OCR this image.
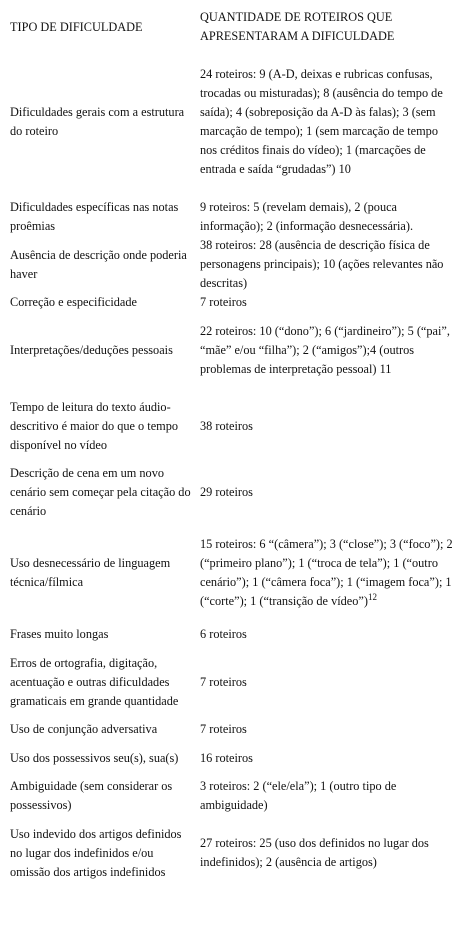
TIPO DE DIFICULDADE	QUANTIDADE DE ROTEIROS QUE APRESENTARAM A DIFICULDADE
Dificuldades gerais com a estrutura do roteiro	24 roteiros: 9 (A-D, deixas e rubricas confusas, trocadas ou misturadas); 8 (ausência do tempo de saída); 4 (sobreposição da A-D às falas); 3 (sem marcação de tempo); 1 (sem marcação de tempo nos créditos finais do vídeo); 1 (marcações de entrada e saída “grudadas”) 10
Dificuldades específicas nas notas proêmias	9 roteiros: 5 (revelam demais), 2 (pouca informação); 2 (informação desnecessária).
Ausência de descrição onde poderia haver	38 roteiros: 28 (ausência de descrição física de personagens principais); 10 (ações relevantes não descritas)
Correção e especificidade	7 roteiros
Interpretações/deduções pessoais	22 roteiros: 10 (“dono”); 6 (“jardineiro”); 5 (“pai”, “mãe” e/ou “filha”); 2 (“amigos”);4 (outros problemas de interpretação pessoal) 11
Tempo de leitura do texto áudio-descritivo é maior do que o tempo disponível no vídeo	38 roteiros
Descrição de cena em um novo cenário sem começar pela citação do cenário	29 roteiros
Uso desnecessário de linguagem técnica/fílmica	15 roteiros: 6 “(câmera”); 3 (“close”); 3 (“foco”); 2 (“primeiro plano”); 1 (“troca de tela”); 1 (“outro cenário”); 1 (“câmera foca”); 1 (“imagem foca”); 1 (“corte”); 1 (“transição de vídeo”)$^{12}$
Frases muito longas	6 roteiros
Erros de ortografia, digitação, acentuação e outras dificuldades gramaticais em grande quantidade	7 roteiros
Uso de conjunção adversativa	7 roteiros
Uso dos possessivos seu(s), sua(s)	16 roteiros
Ambiguidade (sem considerar os possessivos)	3 roteiros: 2 (“ele/ela”); 1 (outro tipo de ambiguidade)
Uso indevido dos artigos definidos no lugar dos indefinidos e/ou omissão dos artigos indefinidos	27 roteiros: 25 (uso dos definidos no lugar dos indefinidos); 2 (ausência de artigos)
